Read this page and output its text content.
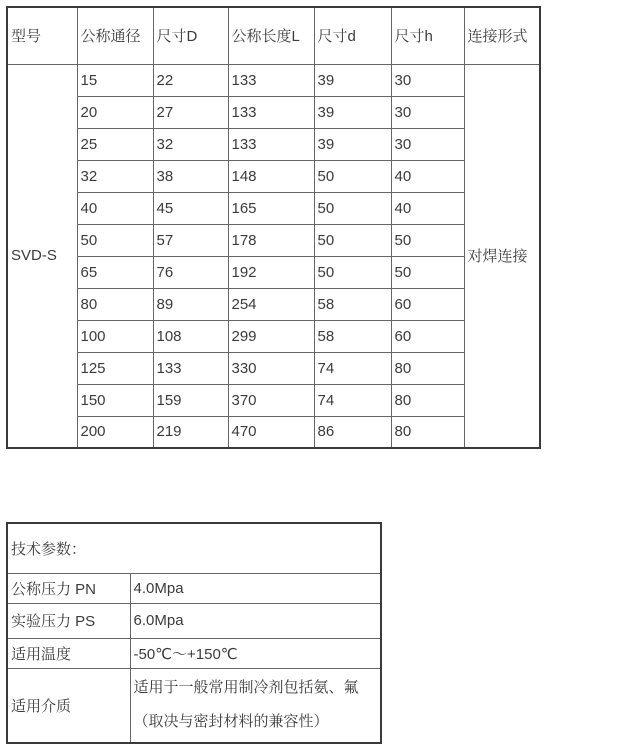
型号	公称通径	尺寸D	公称长度L	尺寸d	尺寸h	连接形式
SVD-S	15	22	133	39	30	对焊连接
	20	27	133	39	30	
	25	32	133	39	30	
	32	38	148	50	40	
	40	45	165	50	40	
	50	57	178	50	50	
	65	76	192	50	50	
	80	89	254	58	60	
	100	108	299	58	60	
	125	133	330	74	80	
	150	159	370	74	80	
	200	219	470	86	80	
技术参数：	
公称压力 PN	4.0Mpa
实验压力 PS	6.0Mpa
适用温度	-50℃～+150℃
适用介质	适用于一般常用制冷剂包括氨、氟（取决与密封材料的兼容性）
